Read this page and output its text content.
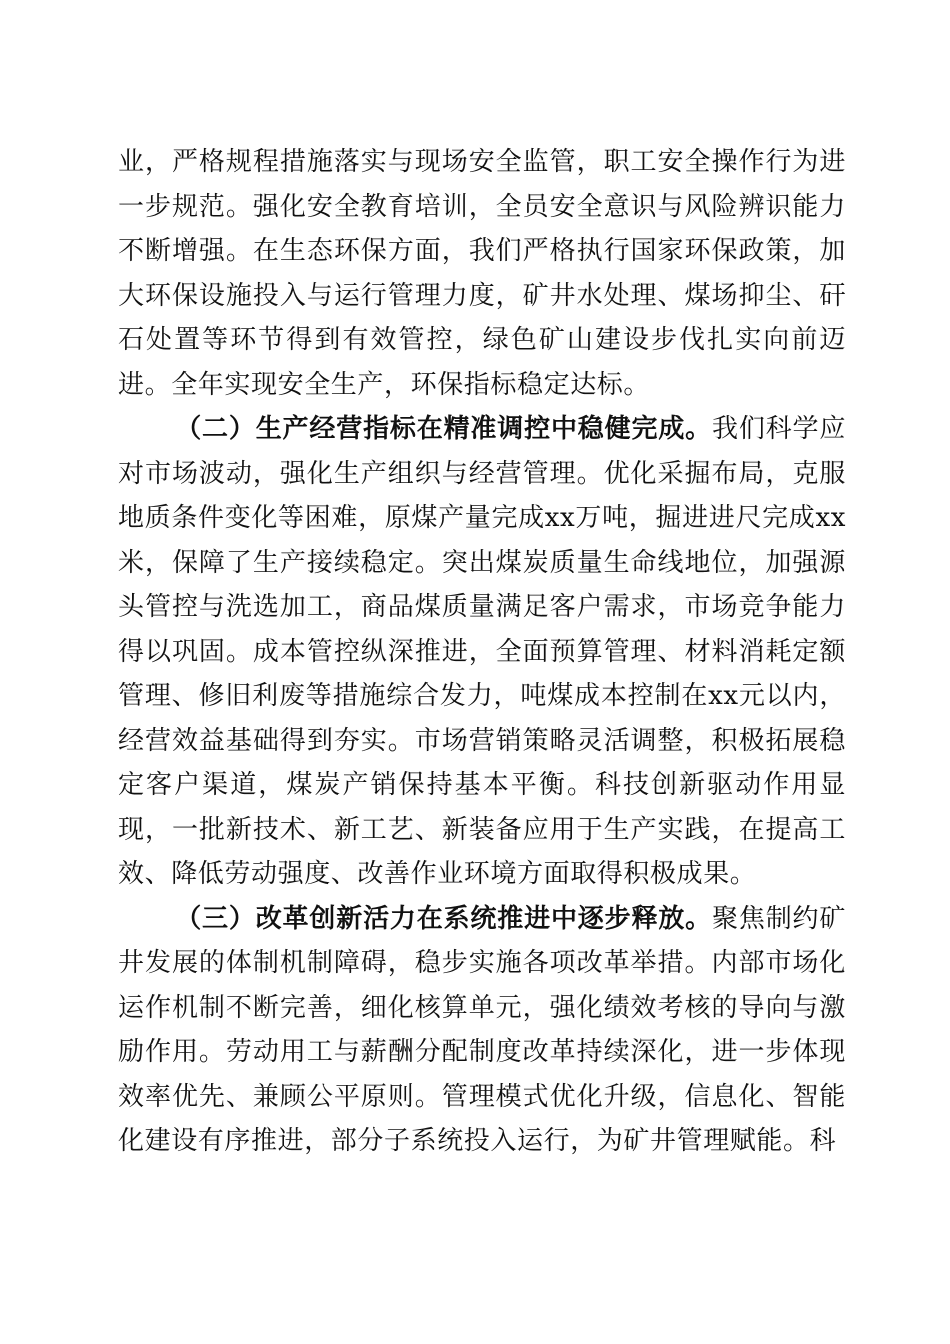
业，严格规程措施落实与现场安全监管，职工安全操作行为进一步规范。强化安全教育培训，全员安全意识与风险辨识能力不断增强。在生态环保方面，我们严格执行国家环保政策，加大环保设施投入与运行管理力度，矿井水处理、煤场抑尘、矸石处置等环节得到有效管控，绿色矿山建设步伐扎实向前迈进。全年实现安全生产，环保指标稳定达标。

（二）生产经营指标在精准调控中稳健完成。我们科学应对市场波动，强化生产组织与经营管理。优化采掘布局，克服地质条件变化等困难，原煤产量完成xx万吨，掘进进尺完成xx米，保障了生产接续稳定。突出煤炭质量生命线地位，加强源头管控与洗选加工，商品煤质量满足客户需求，市场竞争能力得以巩固。成本管控纵深推进，全面预算管理、材料消耗定额管理、修旧利废等措施综合发力，吨煤成本控制在xx元以内，经营效益基础得到夯实。市场营销策略灵活调整，积极拓展稳定客户渠道，煤炭产销保持基本平衡。科技创新驱动作用显现，一批新技术、新工艺、新装备应用于生产实践，在提高工效、降低劳动强度、改善作业环境方面取得积极成果。

（三）改革创新活力在系统推进中逐步释放。聚焦制约矿井发展的体制机制障碍，稳步实施各项改革举措。内部市场化运作机制不断完善，细化核算单元，强化绩效考核的导向与激励作用。劳动用工与薪酬分配制度改革持续深化，进一步体现效率优先、兼顾公平原则。管理模式优化升级，信息化、智能化建设有序推进，部分子系统投入运行，为矿井管理赋能。科
